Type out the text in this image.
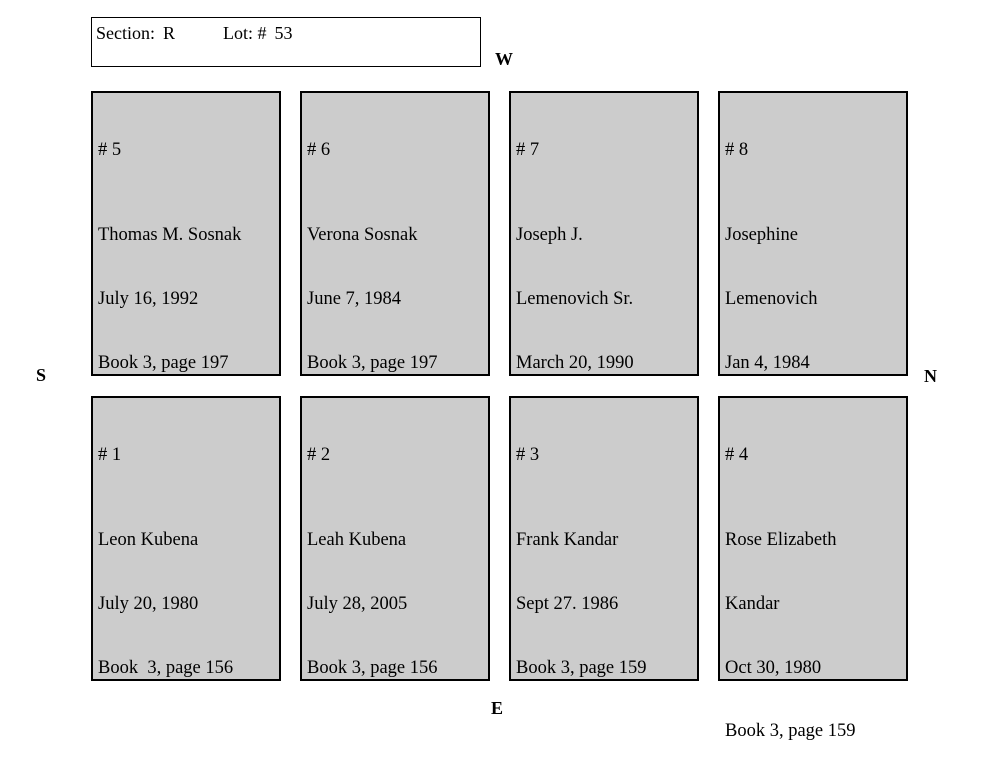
Section: R	Lot: # 53
W
S	N
E

# 5

Thomas M. Sosnak

July 16, 1992

Book 3, page 197

# 6

Verona Sosnak

June 7, 1984

Book 3, page 197

# 7

Joseph J.

Lemenovich Sr.

March 20, 1990

# 8

Josephine

Lemenovich

Jan 4, 1984

# 1

Leon Kubena

July 20, 1980

Book  3, page 156

# 2

Leah Kubena

July 28, 2005

Book 3, page 156

# 3

Frank Kandar

Sept 27. 1986

Book 3, page 159

# 4

Rose Elizabeth

Kandar

Oct 30, 1980

Book 3, page 159
